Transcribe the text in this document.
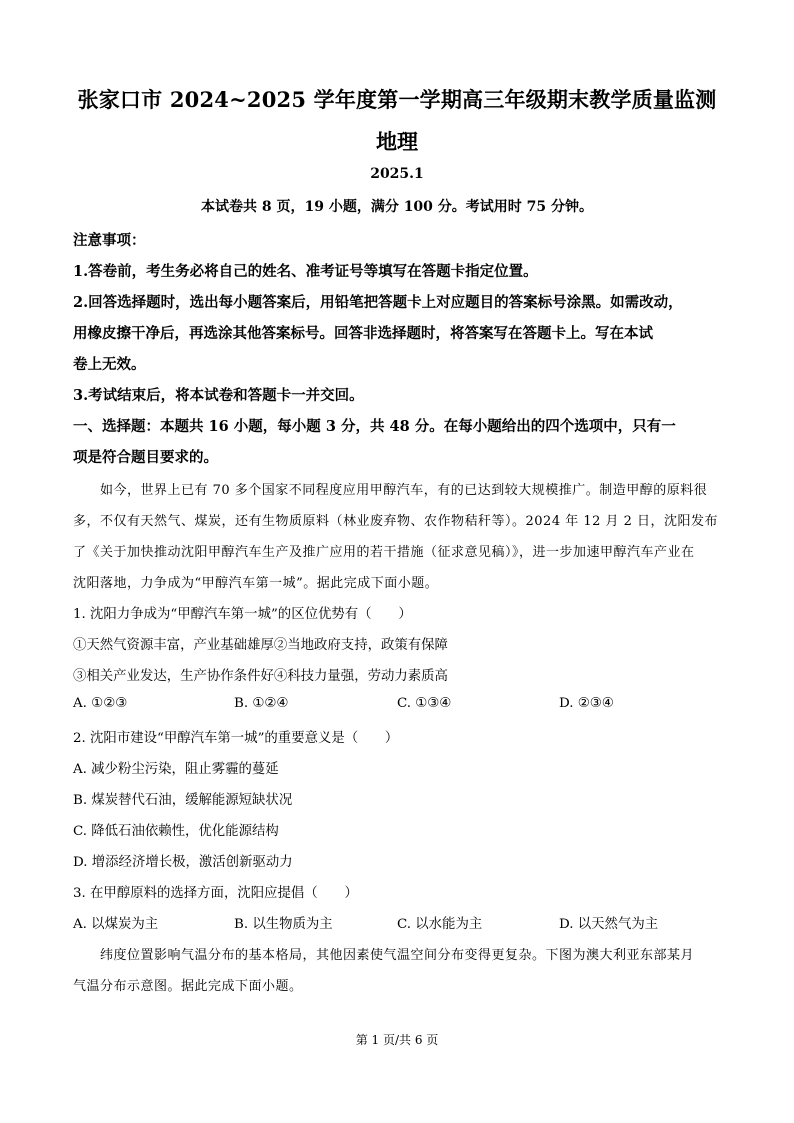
张家口市 2024~2025 学年度第一学期高三年级期末教学质量监测
地理
2025.1
本试卷共 8 页，19 小题，满分 100 分。考试用时 75 分钟。
注意事项：
1.答卷前，考生务必将自己的姓名、准考证号等填写在答题卡指定位置。
2.回答选择题时，选出每小题答案后，用铅笔把答题卡上对应题目的答案标号涂黑。如需改动，
用橡皮擦干净后，再选涂其他答案标号。回答非选择题时，将答案写在答题卡上。写在本试
卷上无效。
3.考试结束后，将本试卷和答题卡一并交回。
一、选择题：本题共 16 小题，每小题 3 分，共 48 分。在每小题给出的四个选项中，只有一
项是符合题目要求的。
如今，世界上已有 70 多个国家不同程度应用甲醇汽车，有的已达到较大规模推广。制造甲醇的原料很
多，不仅有天然气、煤炭，还有生物质原料（林业废弃物、农作物秸秆等）。2024 年 12 月 2 日，沈阳发布
了《关于加快推动沈阳甲醇汽车生产及推广应用的若干措施（征求意见稿）》，进一步加速甲醇汽车产业在
沈阳落地，力争成为“甲醇汽车第一城”。据此完成下面小题。
1. 沈阳力争成为“甲醇汽车第一城”的区位优势有（　　）
①天然气资源丰富，产业基础雄厚②当地政府支持，政策有保障
③相关产业发达，生产协作条件好④科技力量强，劳动力素质高
A. ①②③	B. ①②④	C. ①③④	D. ②③④
2. 沈阳市建设“甲醇汽车第一城”的重要意义是（　　）
A. 减少粉尘污染，阻止雾霾的蔓延
B. 煤炭替代石油，缓解能源短缺状况
C. 降低石油依赖性，优化能源结构
D. 增添经济增长极，激活创新驱动力
3. 在甲醇原料的选择方面，沈阳应提倡（　　）
A. 以煤炭为主	B. 以生物质为主	C. 以水能为主	D. 以天然气为主
纬度位置影响气温分布的基本格局，其他因素使气温空间分布变得更复杂。下图为澳大利亚东部某月
气温分布示意图。据此完成下面小题。
第 1 页/共 6 页
